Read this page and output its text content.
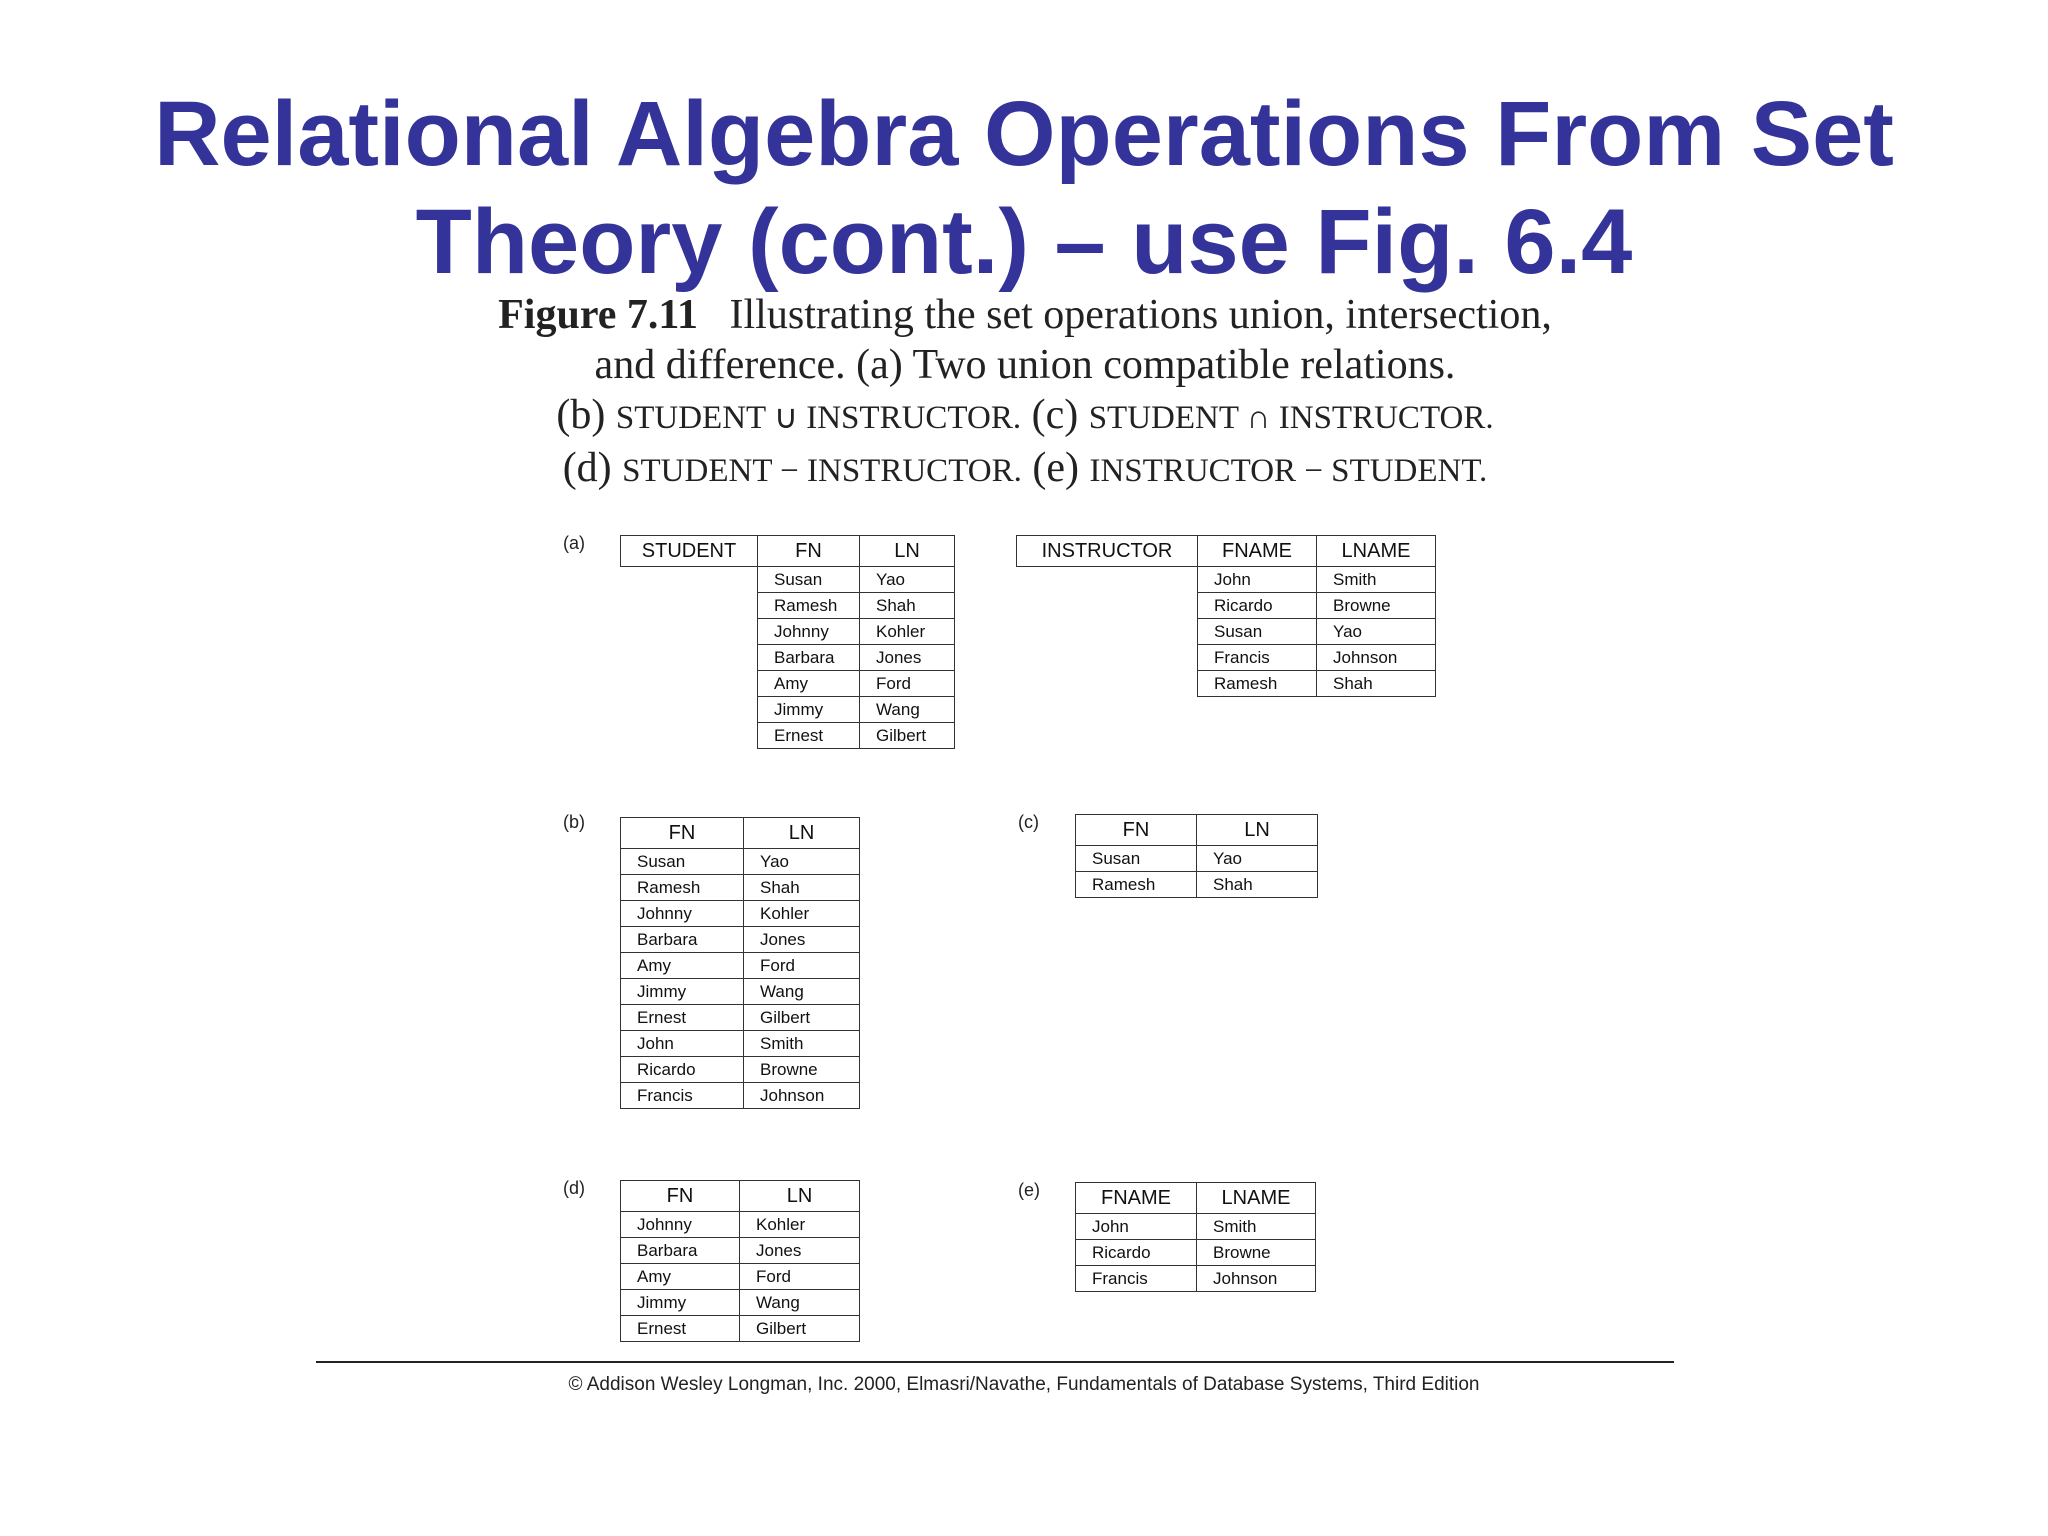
Relational Algebra Operations From Set
Theory (cont.) – use Fig. 6.4
Figure 7.11 Illustrating the set operations union, intersection,
and difference. (a) Two union compatible relations.
(b) STUDENT ∪ INSTRUCTOR. (c) STUDENT ∩ INSTRUCTOR.
(d) STUDENT − INSTRUCTOR. (e) INSTRUCTOR − STUDENT.
(a)	STUDENT	FN	LN
	Susan	Yao
	Ramesh	Shah
	Johnny	Kohler
	Barbara	Jones
	Amy	Ford
	Jimmy	Wang
	Ernest	Gilbert
INSTRUCTOR	FNAME	LNAME
	John	Smith
	Ricardo	Browne
	Susan	Yao
	Francis	Johnson
	Ramesh	Shah
(b)	FN	LN
Susan	Yao
Ramesh	Shah
Johnny	Kohler
Barbara	Jones
Amy	Ford
Jimmy	Wang
Ernest	Gilbert
John	Smith
Ricardo	Browne
Francis	Johnson
(c)	FN	LN
Susan	Yao
Ramesh	Shah
(d)	FN	LN
Johnny	Kohler
Barbara	Jones
Amy	Ford
Jimmy	Wang
Ernest	Gilbert
(e)	FNAME	LNAME
John	Smith
Ricardo	Browne
Francis	Johnson
© Addison Wesley Longman, Inc. 2000, Elmasri/Navathe, Fundamentals of Database Systems, Third Edition
